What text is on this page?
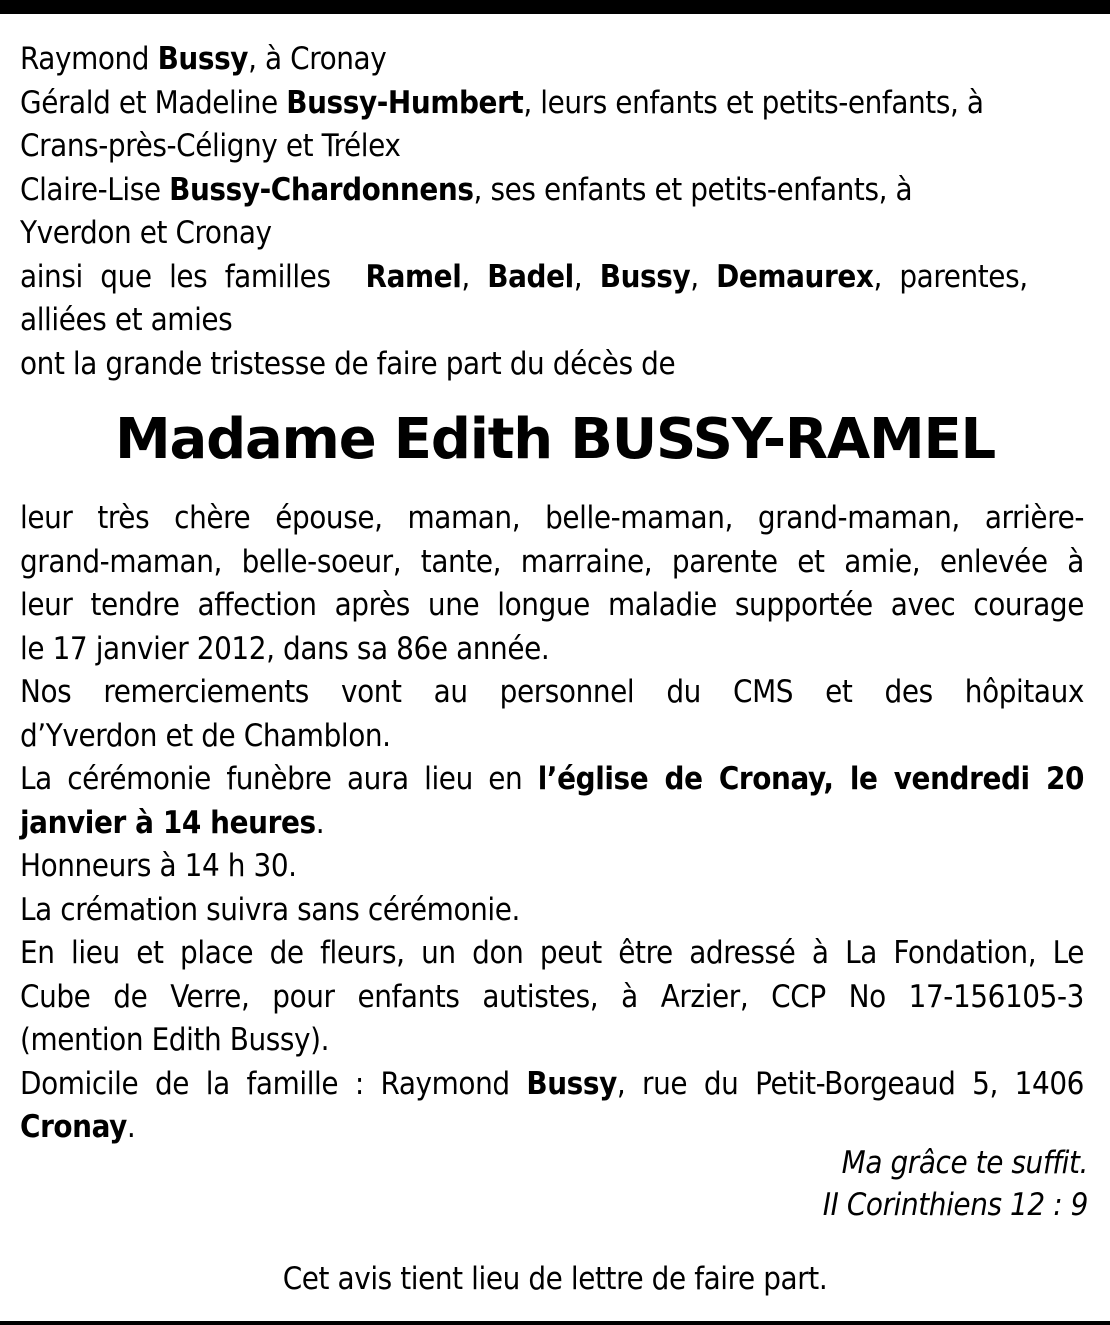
Raymond Bussy, à Cronay
Gérald et Madeline Bussy-Humbert, leurs enfants et petits-enfants, à
Crans-près-Céligny et Trélex
Claire-Lise Bussy-Chardonnens, ses enfants et petits-enfants, à
Yverdon et Cronay
ainsi que les familles Ramel, Badel, Bussy, Demaurex, parentes,
alliées et amies
ont la grande tristesse de faire part du décès de
Madame Edith BUSSY-RAMEL
leur très chère épouse, maman, belle-maman, grand-maman, arrière-
grand-maman, belle-soeur, tante, marraine, parente et amie, enlevée à
leur tendre affection après une longue maladie supportée avec courage
le 17 janvier 2012, dans sa 86e année.
Nos remerciements vont au personnel du CMS et des hôpitaux
d’Yverdon et de Chamblon.
La cérémonie funèbre aura lieu en l’église de Cronay, le vendredi 20
janvier à 14 heures.
Honneurs à 14 h 30.
La crémation suivra sans cérémonie.
En lieu et place de fleurs, un don peut être adressé à La Fondation, Le
Cube de Verre, pour enfants autistes, à Arzier, CCP No 17-156105-3
(mention Edith Bussy).
Domicile de la famille : Raymond Bussy, rue du Petit-Borgeaud 5, 1406
Cronay.
Ma grâce te suffit.
II Corinthiens 12 : 9
Cet avis tient lieu de lettre de faire part.
